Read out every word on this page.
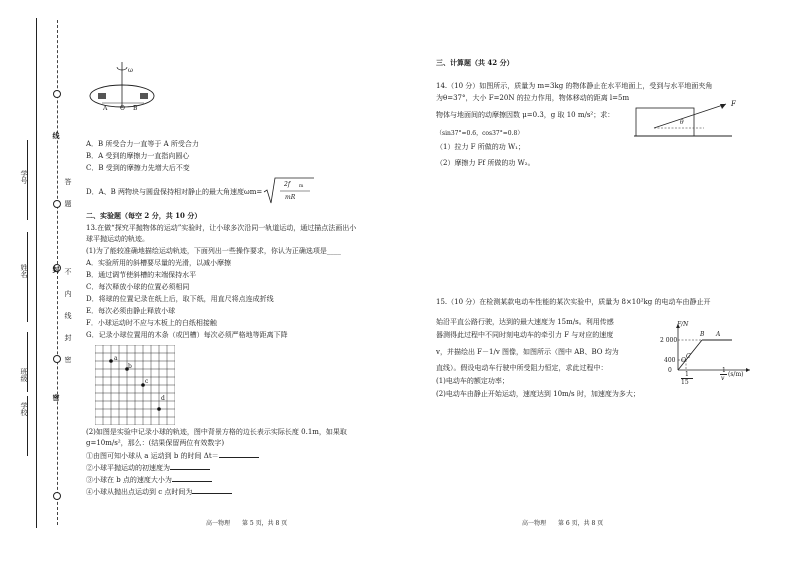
线
封
密
答
题
不
内
线
封
密
学校
班级
姓名
学号
ω
A O B
A．B 所受合力一直等于 A 所受合力
B．A 受到的摩擦力一直指向圆心
C．B 受到的摩擦力先增大后不变
D．A、B 两物块与圆盘保持相对静止的最大角速度ωm=
2f m
mR
二、实验题（每空 2 分，共 10 分）
13.在做“探究平抛物体的运动”实验时，让小球多次沿同一轨道运动，通过描点法画出小
球平抛运动的轨迹。
(1)为了能较准确地描绘运动轨迹，下面列出一些操作要求，你认为正确选项是____
A．实验所用的斜槽要尽量的光滑，以减小摩擦
B．通过调节使斜槽的末端保持水平
C．每次释放小球的位置必须相同
D．将球的位置记录在纸上后，取下纸，用直尺将点连成折线
E．每次必须由静止释放小球
F．小球运动时不应与木板上的白纸相接触
G．记录小球位置用的木条（或凹槽）每次必须严格地等距离下降
a
b
c
d
(2)如图是实验中记录小球的轨迹，图中背景方格的边长表示实际长度 0.1m，如果取
g=10m/s²，那么：(结果保留两位有效数字)
①由图可知小球从 a 运动到 b 的时间 Δt＝
②小球平抛运动的初速度为
③小球在 b 点的速度大小为
④小球从抛出点运动到 c 点时间为
高一物理　　第 5 页，共 8 页
三、计算题（共 42 分）
14.（10 分）如图所示，质量为 m=3kg 的物体静止在水平地面上，受到与水平地面夹角
为θ=37°，大小 F=20N 的拉力作用，物体移动的距离 l=5m
物体与地面间的动摩擦因数 μ=0.3，g 取 10 m/s²；求：
（sin37°=0.6，cos37°=0.8）
（1）拉力 F 所做的功 W₁；
（2）摩擦力 Ff 所做的功 W₂。
F
θ
15.（10 分）在检测某款电动车性能的某次实验中，质量为 8×10²kg 的电动车由静止开
始沿平直公路行驶，达到的最大速度为 15m/s。利用传感
器测得此过程中不同时刻电动车的牵引力 F 与对应的速度
v，并描绘出 F－1/v 图像，如图所示（图中 AB、BO 均为
直线）。假设电动车行驶中所受阻力恒定，求此过程中：
(1)电动车的额定功率；
(2)电动车由静止开始运动，速度达到 10m/s 时，加速度为多大；
F/N
2 000
400
B A
C
O
0
1
15
1
v
(s/m)
高一物理　　第 6 页，共 8 页
